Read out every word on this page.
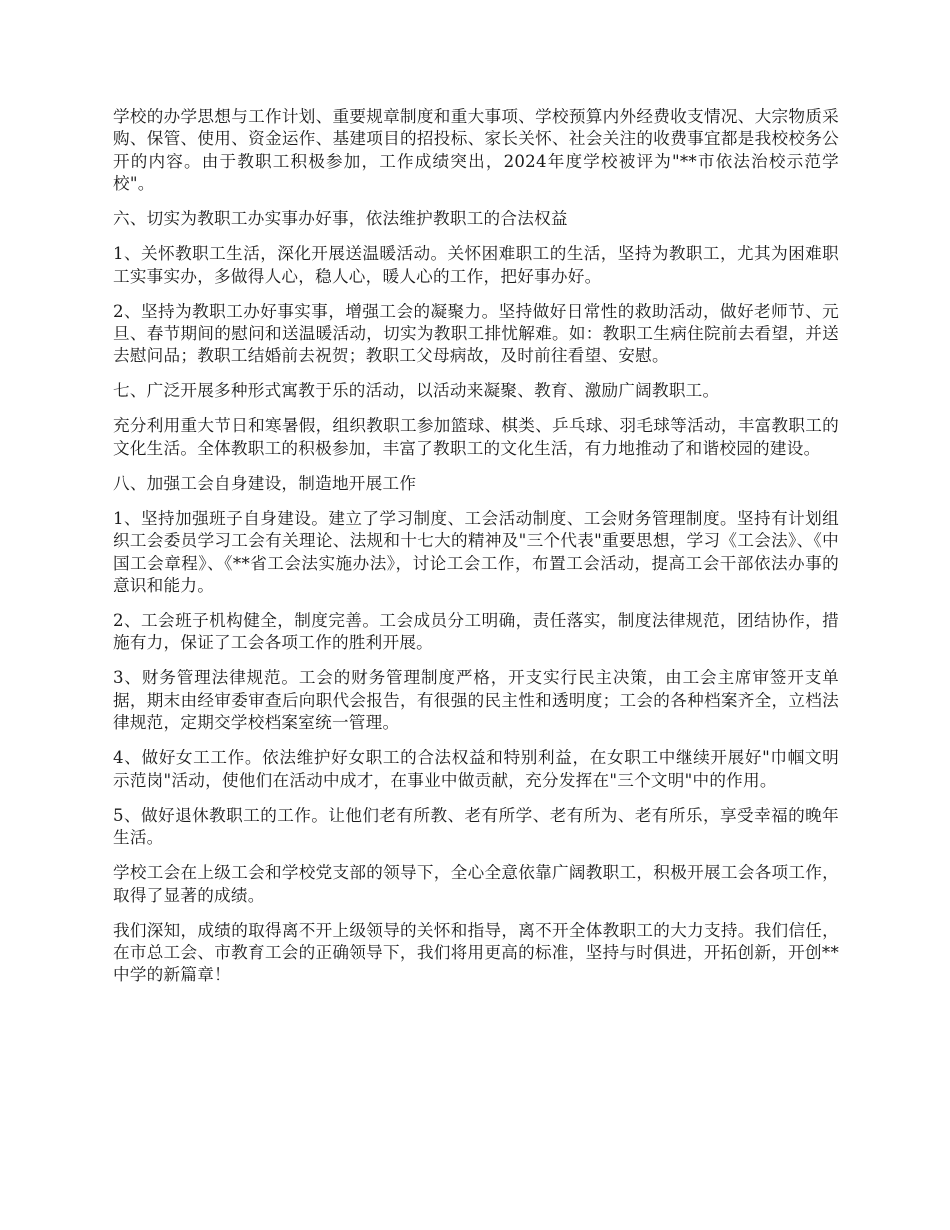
学校的办学思想与工作计划、重要规章制度和重大事项、学校预算内外经费收支情况、大宗物质采购、保管、使用、资金运作、基建项目的招投标、家长关怀、社会关注的收费事宜都是我校校务公开的内容。由于教职工积极参加，工作成绩突出，2024年度学校被评为"**市依法治校示范学校"。

六、切实为教职工办实事办好事，依法维护教职工的合法权益

1、关怀教职工生活，深化开展送温暖活动。关怀困难职工的生活，坚持为教职工，尤其为困难职工实事实办，多做得人心，稳人心，暖人心的工作，把好事办好。

2、坚持为教职工办好事实事，增强工会的凝聚力。坚持做好日常性的救助活动，做好老师节、元旦、春节期间的慰问和送温暖活动，切实为教职工排忧解难。如：教职工生病住院前去看望，并送去慰问品；教职工结婚前去祝贺；教职工父母病故，及时前往看望、安慰。

七、广泛开展多种形式寓教于乐的活动，以活动来凝聚、教育、激励广阔教职工。

充分利用重大节日和寒暑假，组织教职工参加篮球、棋类、乒乓球、羽毛球等活动，丰富教职工的文化生活。全体教职工的积极参加，丰富了教职工的文化生活，有力地推动了和谐校园的建设。

八、加强工会自身建设，制造地开展工作

1、坚持加强班子自身建设。建立了学习制度、工会活动制度、工会财务管理制度。坚持有计划组织工会委员学习工会有关理论、法规和十七大的精神及"三个代表"重要思想，学习《工会法》、《中国工会章程》、《**省工会法实施办法》，讨论工会工作，布置工会活动，提高工会干部依法办事的意识和能力。

2、工会班子机构健全，制度完善。工会成员分工明确，责任落实，制度法律规范，团结协作，措施有力，保证了工会各项工作的胜利开展。

3、财务管理法律规范。工会的财务管理制度严格，开支实行民主决策，由工会主席审签开支单据，期末由经审委审查后向职代会报告，有很强的民主性和透明度；工会的各种档案齐全，立档法律规范，定期交学校档案室统一管理。

4、做好女工工作。依法维护好女职工的合法权益和特别利益，在女职工中继续开展好"巾帼文明示范岗"活动，使他们在活动中成才，在事业中做贡献，充分发挥在"三个文明"中的作用。

5、做好退休教职工的工作。让他们老有所教、老有所学、老有所为、老有所乐，享受幸福的晚年生活。

学校工会在上级工会和学校党支部的领导下，全心全意依靠广阔教职工，积极开展工会各项工作，取得了显著的成绩。

我们深知，成绩的取得离不开上级领导的关怀和指导，离不开全体教职工的大力支持。我们信任，在市总工会、市教育工会的正确领导下，我们将用更高的标准，坚持与时俱进，开拓创新，开创**中学的新篇章！
